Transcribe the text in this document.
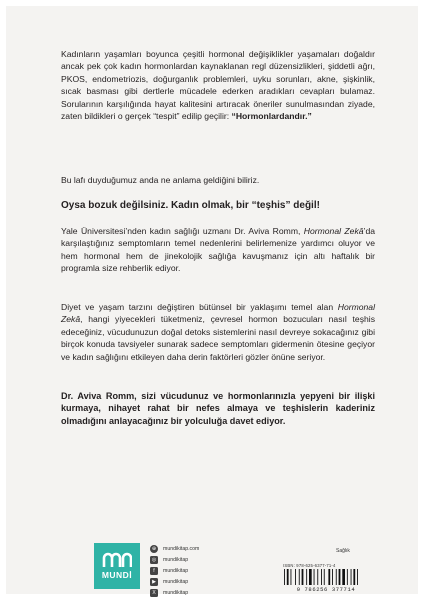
Kadınların yaşamları boyunca çeşitli hormonal değişiklikler yaşamaları doğaldır ancak pek çok kadın hormonlardan kaynaklanan regl düzensizlikleri, şiddetli ağrı, PKOS, endometriozis, doğurganlık problemleri, uyku sorunları, akne, şişkinlik, sıcak basması gibi dertlerle mücadele ederken aradıkları cevapları bulamaz. Sorularının karşılığında hayat kalitesini artıracak öneriler sunulmasından ziyade, zaten bildikleri o gerçek “tespit” edilip geçilir: “Hormonlardandır.”

Bu lafı duyduğumuz anda ne anlama geldiğini biliriz.

Oysa bozuk değilsiniz. Kadın olmak, bir “teşhis” değil!

Yale Üniversitesi’nden kadın sağlığı uzmanı Dr. Aviva Romm, Hormonal Zekâ’da karşılaştığınız semptomların temel nedenlerini belirlemenize yardımcı oluyor ve hem hormonal hem de jinekolojik sağlığa kavuşmanız için altı haftalık bir programla size rehberlik ediyor.

Diyet ve yaşam tarzını değiştiren bütünsel bir yaklaşımı temel alan Hormonal Zekâ, hangi yiyecekleri tüketmeniz, çevresel hormon bozucuları nasıl teşhis edeceğiniz, vücudunuzun doğal detoks sistemlerini nasıl devreye sokacağınız gibi birçok konuda tavsiyeler sunarak sadece semptomları gidermenin ötesine geçiyor ve kadın sağlığını etkileyen daha derin faktörleri gözler önüne seriyor.

Dr. Aviva Romm, sizi vücudunuz ve hormonlarınızla yepyeni bir ilişki kurmaya, nihayet rahat bir nefes almaya ve teşhislerin kaderiniz olmadığını anlayacağınız bir yolculuğa davet ediyor.
MUNDİ
⊕	mundikitap.com
◎	mundikitap
f	mundikitap
▶	mundikitap
X	mundikitap
Sağlık
ISBN: 978-625-6377-71-4
9 786256 377714
